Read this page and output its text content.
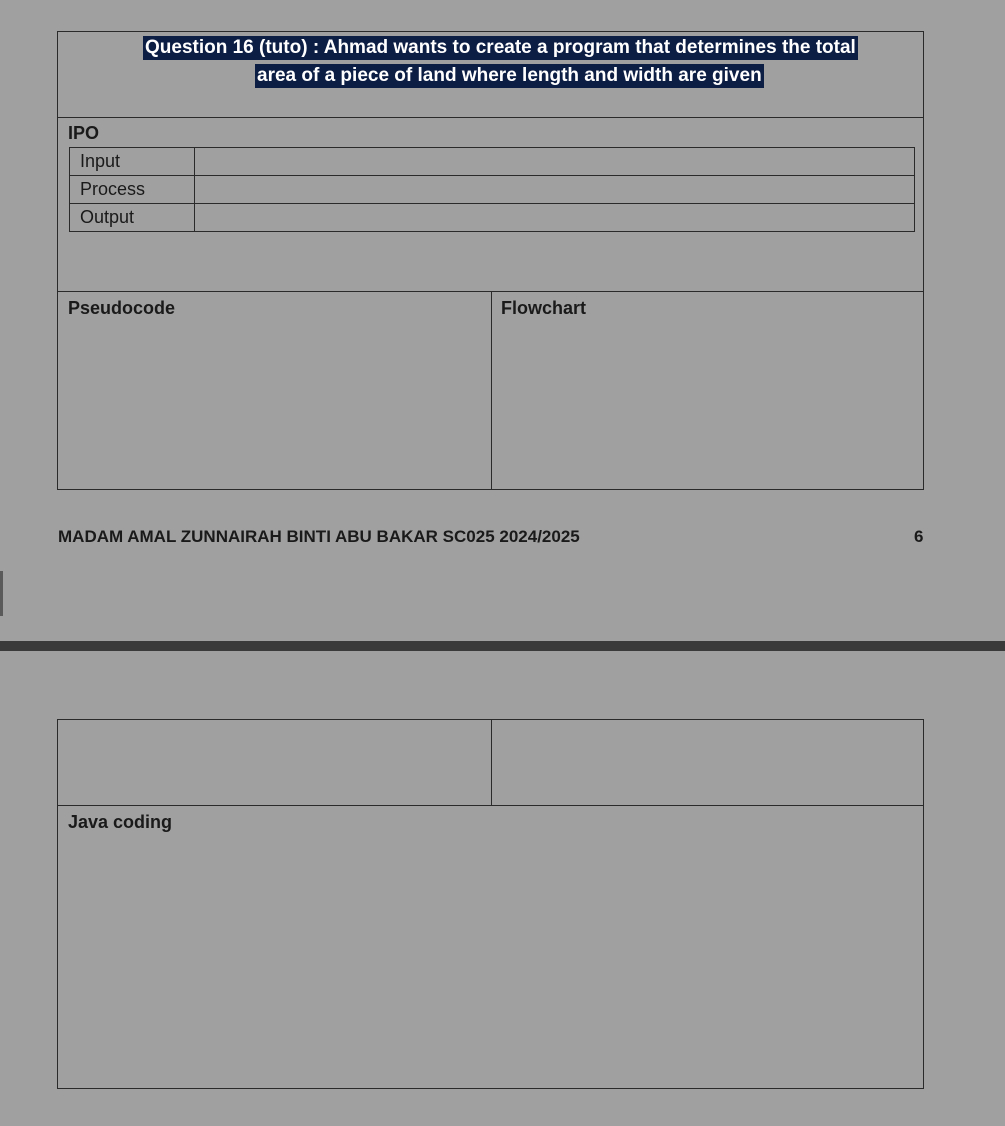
Question 16 (tuto) : Ahmad wants to create a program that determines the total
area of a piece of land where length and width are given
IPO
Input	
Process	
Output	
Pseudocode	Flowchart
MADAM AMAL ZUNNAIRAH BINTI ABU BAKAR SC025 2024/2025	6
Java coding
